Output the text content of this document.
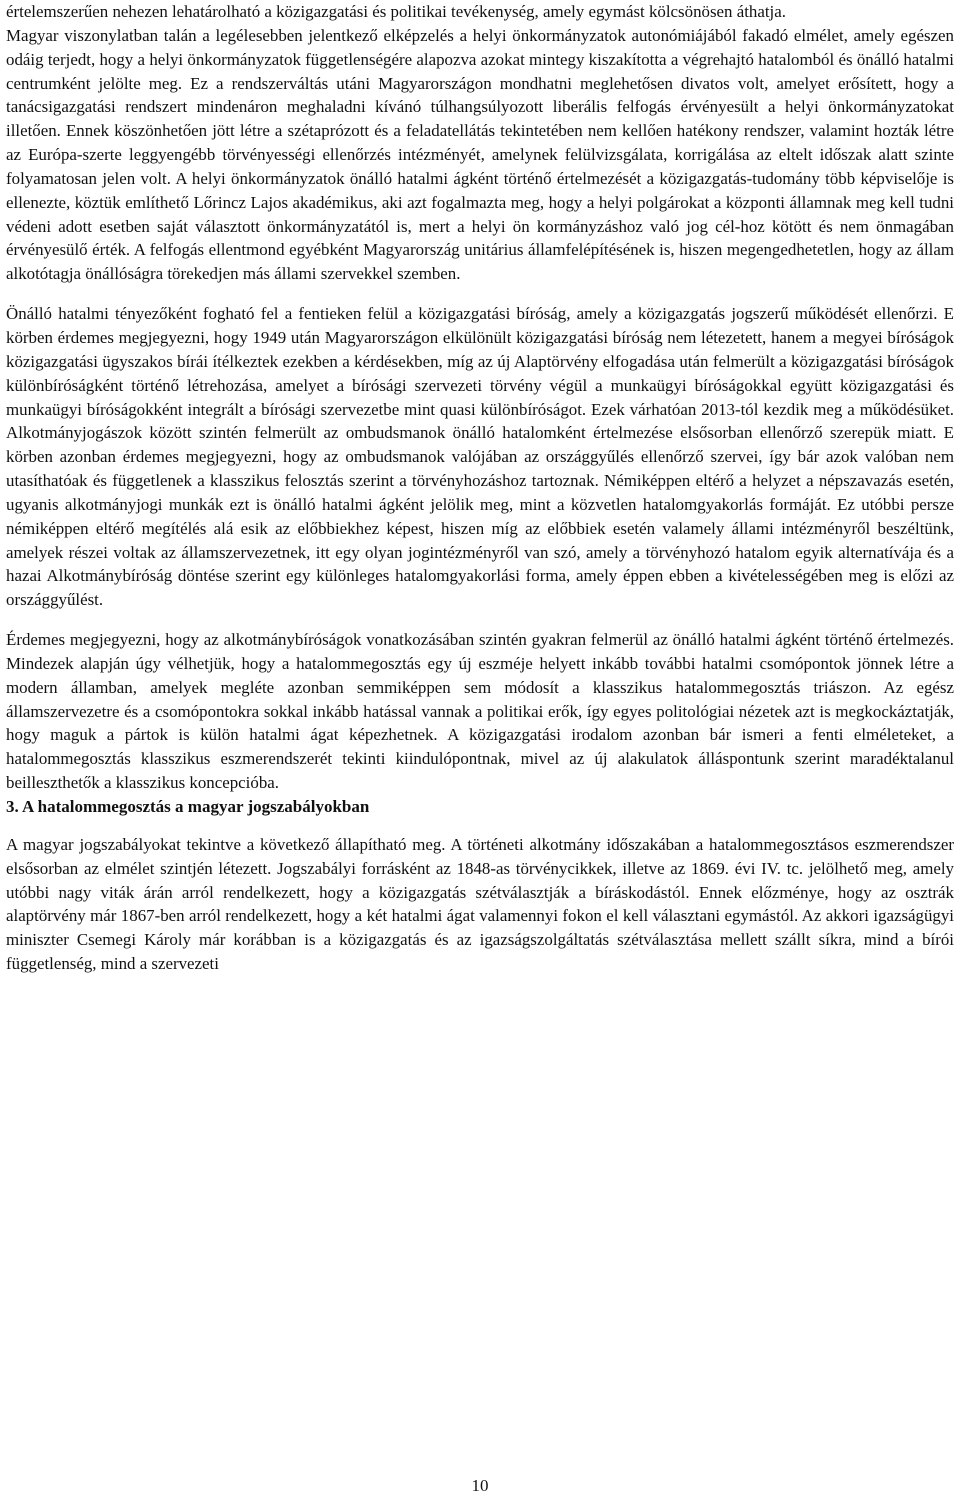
értelemszerűen nehezen lehatárolható a közigazgatási és politikai tevékenység, amely egymást kölcsönösen áthatja.

Magyar viszonylatban talán a legélesebben jelentkező elképzelés a helyi önkormányzatok autonómiájából fakadó elmélet, amely egészen odáig terjedt, hogy a helyi önkormányzatok függetlenségére alapozva azokat mintegy kiszakította a végrehajtó hatalomból és önálló hatalmi centrumként jelölte meg. Ez a rendszerváltás utáni Magyarországon mondhatni meglehetősen divatos volt, amelyet erősített, hogy a tanácsigazgatási rendszert mindenáron meghaladni kívánó túlhangsúlyozott liberális felfogás érvényesült a helyi önkormányzatokat illetően. Ennek köszönhetően jött létre a szétaprózott és a feladatellátás tekintetében nem kellően hatékony rendszer, valamint hozták létre az Európa-szerte leggyengébb törvényességi ellenőrzés intézményét, amelynek felülvizsgálata, korrigálása az eltelt időszak alatt szinte folyamatosan jelen volt. A helyi önkormányzatok önálló hatalmi ágként történő értelmezését a közigazgatás-tudomány több képviselője is ellenezte, köztük említhető Lőrincz Lajos akadémikus, aki azt fogalmazta meg, hogy a helyi polgárokat a központi államnak meg kell tudni védeni adott esetben saját választott önkormányzatától is, mert a helyi ön kormányzáshoz való jog cél-hoz kötött és nem önmagában érvényesülő érték. A felfogás ellentmond egyébként Magyarország unitárius államfelépítésének is, hiszen megengedhetetlen, hogy az állam alkotótagja önállóságra törekedjen más állami szervekkel szemben.

Önálló hatalmi tényezőként fogható fel a fentieken felül a közigazgatási bíróság, amely a közigazgatás jogszerű működését ellenőrzi. E körben érdemes megjegyezni, hogy 1949 után Magyarországon elkülönült közigazgatási bíróság nem létezetett, hanem a megyei bíróságok közigazgatási ügyszakos bírái ítélkeztek ezekben a kérdésekben, míg az új Alaptörvény elfogadása után felmerült a közigazgatási bíróságok különbíróságként történő létrehozása, amelyet a bírósági szervezeti törvény végül a munkaügyi bíróságokkal együtt közigazgatási és munkaügyi bíróságokként integrált a bírósági szervezetbe mint quasi különbíróságot. Ezek várhatóan 2013-tól kezdik meg a működésüket. Alkotmányjogászok között szintén felmerült az ombudsmanok önálló hatalomként értelmezése elsősorban ellenőrző szerepük miatt. E körben azonban érdemes megjegyezni, hogy az ombudsmanok valójában az országgyűlés ellenőrző szervei, így bár azok valóban nem utasíthatóak és függetlenek a klasszikus felosztás szerint a törvényhozáshoz tartoznak. Némiképpen eltérő a helyzet a népszavazás esetén, ugyanis alkotmányjogi munkák ezt is önálló hatalmi ágként jelölik meg, mint a közvetlen hatalomgyakorlás formáját. Ez utóbbi persze némiképpen eltérő megítélés alá esik az előbbiekhez képest, hiszen míg az előbbiek esetén valamely állami intézményről beszéltünk, amelyek részei voltak az államszervezetnek, itt egy olyan jogintézményről van szó, amely a törvényhozó hatalom egyik alternatívája és a hazai Alkotmánybíróság döntése szerint egy különleges hatalomgyakorlási forma, amely éppen ebben a kivételességében meg is előzi az országgyűlést.

Érdemes megjegyezni, hogy az alkotmánybíróságok vonatkozásában szintén gyakran felmerül az önálló hatalmi ágként történő értelmezés. Mindezek alapján úgy vélhetjük, hogy a hatalommegosztás egy új eszméje helyett inkább további hatalmi csomópontok jönnek létre a modern államban, amelyek megléte azonban semmiképpen sem módosít a klasszikus hatalommegosztás triászon. Az egész államszervezetre és a csomópontokra sokkal inkább hatással vannak a politikai erők, így egyes politológiai nézetek azt is megkockáztatják, hogy maguk a pártok is külön hatalmi ágat képezhetnek. A közigazgatási irodalom azonban bár ismeri a fenti elméleteket, a hatalommegosztás klasszikus eszmerendszerét tekinti kiindulópontnak, mivel az új alakulatok álláspontunk szerint maradéktalanul beilleszthetők a klasszikus koncepcióba.

3. A hatalommegosztás a magyar jogszabályokban

A magyar jogszabályokat tekintve a következő állapítható meg. A történeti alkotmány időszakában a hatalommegosztásos eszmerendszer elsősorban az elmélet szintjén létezett. Jogszabályi forrásként az 1848-as törvénycikkek, illetve az 1869. évi IV. tc. jelölhető meg, amely utóbbi nagy viták árán arról rendelkezett, hogy a közigazgatás szétválasztják a bíráskodástól. Ennek előzménye, hogy az osztrák alaptörvény már 1867-ben arról rendelkezett, hogy a két hatalmi ágat valamennyi fokon el kell választani egymástól. Az akkori igazságügyi miniszter Csemegi Károly már korábban is a közigazgatás és az igazságszolgáltatás szétválasztása mellett szállt síkra, mind a bírói függetlenség, mind a szervezeti

10
